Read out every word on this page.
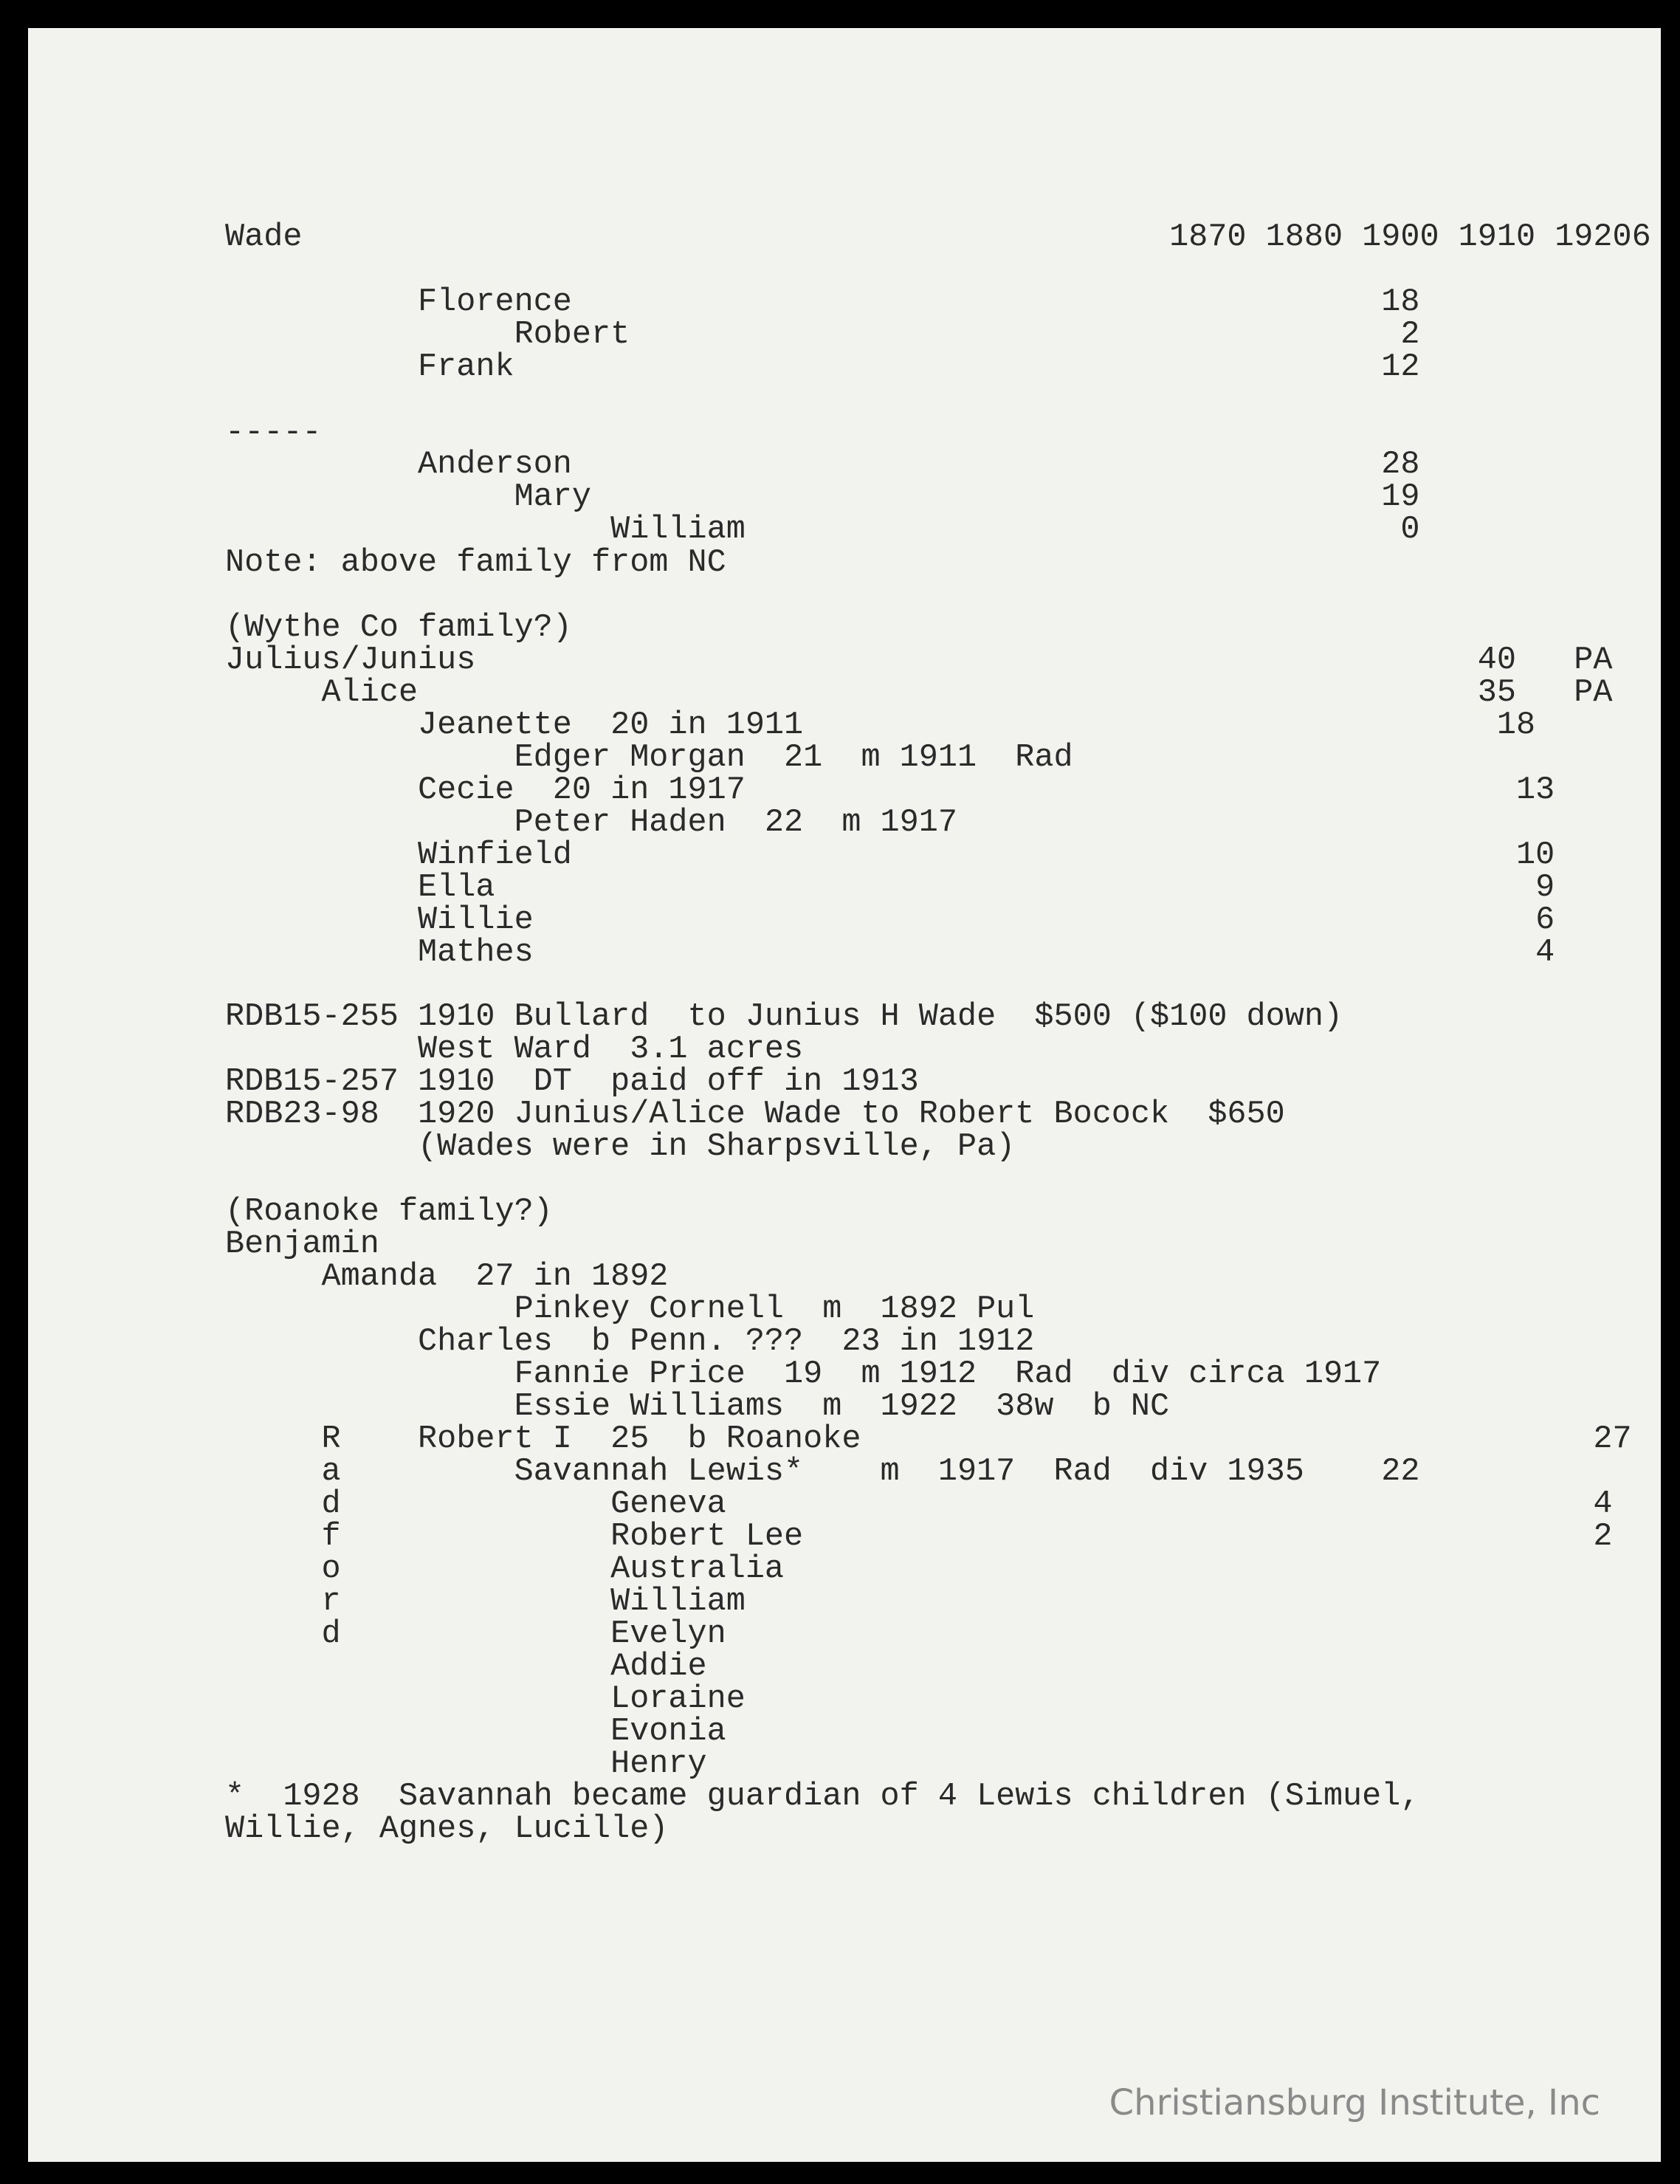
Wade                                             1870 1880 1900 1910 19206
Florence                                          18
Robert                                        2
Frank                                             12
-----
Anderson                                          28
Mary                                         19
William                                  0
Note: above family from NC
(Wythe Co family?)
Julius/Junius                                                    40   PA
Alice                                                       35   PA
Jeanette  20 in 1911                                    18
Edger Morgan  21  m 1911  Rad
Cecie  20 in 1917                                        13
Peter Haden  22  m 1917
Winfield                                                 10
Ella                                                      9
Willie                                                    6
Mathes                                                    4
RDB15-255 1910 Bullard  to Junius H Wade  $500 ($100 down)
West Ward  3.1 acres
RDB15-257 1910  DT  paid off in 1913
RDB23-98  1920 Junius/Alice Wade to Robert Bocock  $650
(Wades were in Sharpsville, Pa)
(Roanoke family?)
Benjamin
Amanda  27 in 1892
Pinkey Cornell  m  1892 Pul
Charles  b Penn. ???  23 in 1912
Fannie Price  19  m 1912  Rad  div circa 1917
Essie Williams  m  1922  38w  b NC
R    Robert I  25  b Roanoke                                      27
a         Savannah Lewis*    m  1917  Rad  div 1935    22
d              Geneva                                             4
f              Robert Lee                                         2
o              Australia
r              William
d              Evelyn
Addie
Loraine
Evonia
Henry
*  1928  Savannah became guardian of 4 Lewis children (Simuel,
Willie, Agnes, Lucille)
Christiansburg Institute, Inc
